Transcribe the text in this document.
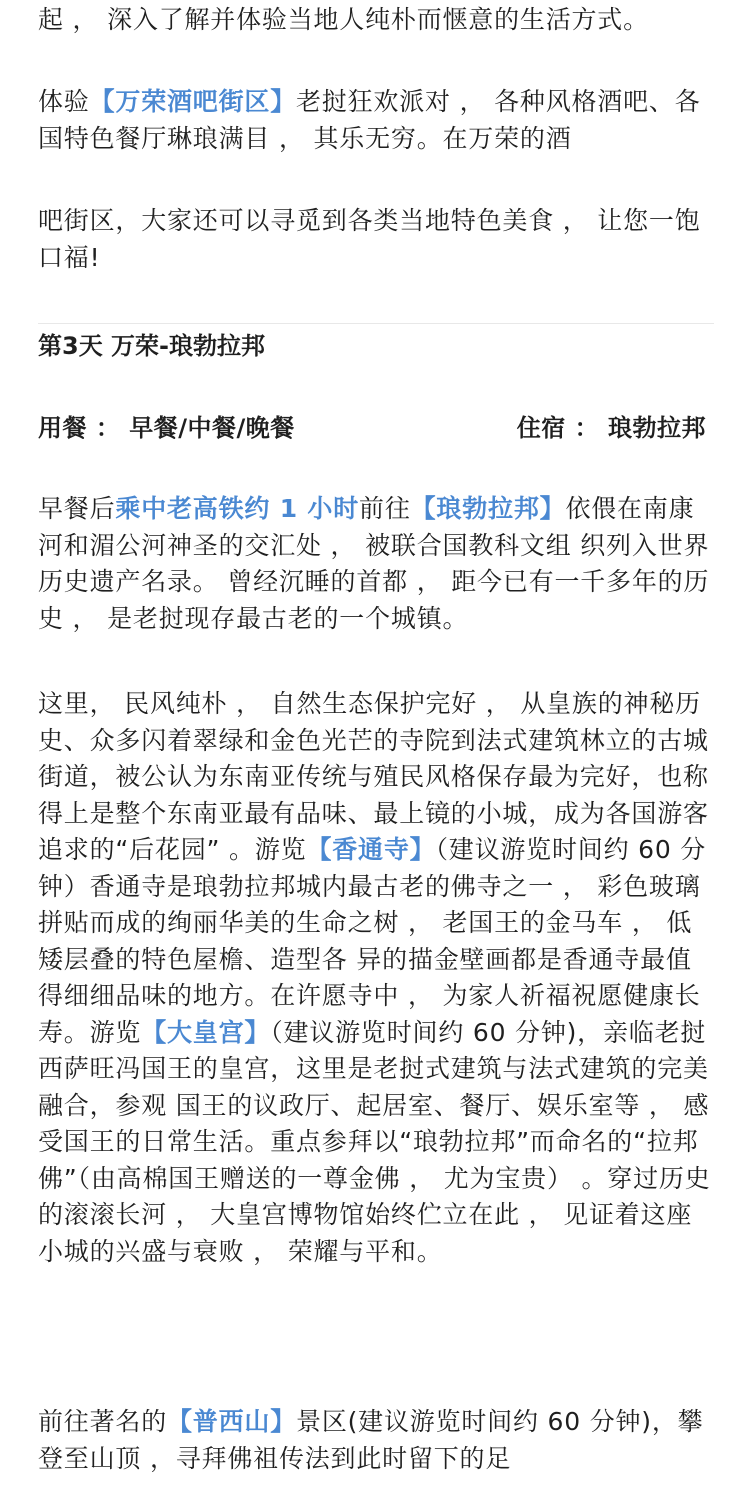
起 ， 深入了解并体验当地人纯朴而惬意的生活方式。

体验【万荣酒吧街区】老挝狂欢派对 ， 各种风格酒吧、各国特色餐厅琳琅满目 ， 其乐无穷。在万荣的酒

吧街区，大家还可以寻觅到各类当地特色美食 ， 让您一饱口福!

第3天 万荣-琅勃拉邦
用餐 ： 早餐/中餐/晚餐	住宿 ： 琅勃拉邦

早餐后乘中老高铁约 1 小时前往【琅勃拉邦】依偎在南康河和湄公河神圣的交汇处 ， 被联合国教科文组 织列入世界历史遗产名录。 曾经沉睡的首都 ， 距今已有一千多年的历史 ， 是老挝现存最古老的一个城镇。

这里， 民风纯朴 ， 自然生态保护完好 ， 从皇族的神秘历史、众多闪着翠绿和金色光芒的寺院到法式建筑林立的古城街道，被公认为东南亚传统与殖民风格保存最为完好，也称得上是整个东南亚最有品味、最上镜的小城，成为各国游客追求的“后花园” 。游览【香通寺】（建议游览时间约 60 分钟）香通寺是琅勃拉邦城内最古老的佛寺之一 ， 彩色玻璃拼贴而成的绚丽华美的生命之树 ， 老国王的金马车 ， 低矮层叠的特色屋檐、造型各 异的描金壁画都是香通寺最值得细细品味的地方。在许愿寺中 ， 为家人祈福祝愿健康长寿。游览【大皇宫】（建议游览时间约 60 分钟)，亲临老挝西萨旺冯国王的皇宫，这里是老挝式建筑与法式建筑的完美融合，参观 国王的议政厅、起居室、餐厅、娱乐室等 ， 感受国王的日常生活。重点参拜以“琅勃拉邦”而命名的“拉邦佛”（由高棉国王赠送的一尊金佛 ， 尤为宝贵） 。穿过历史的滚滚长河 ， 大皇宫博物馆始终伫立在此 ， 见证着这座小城的兴盛与衰败 ， 荣耀与平和。

前往著名的【普西山】景区(建议游览时间约 60 分钟)，攀登至山顶 ，寻拜佛祖传法到此时留下的足
